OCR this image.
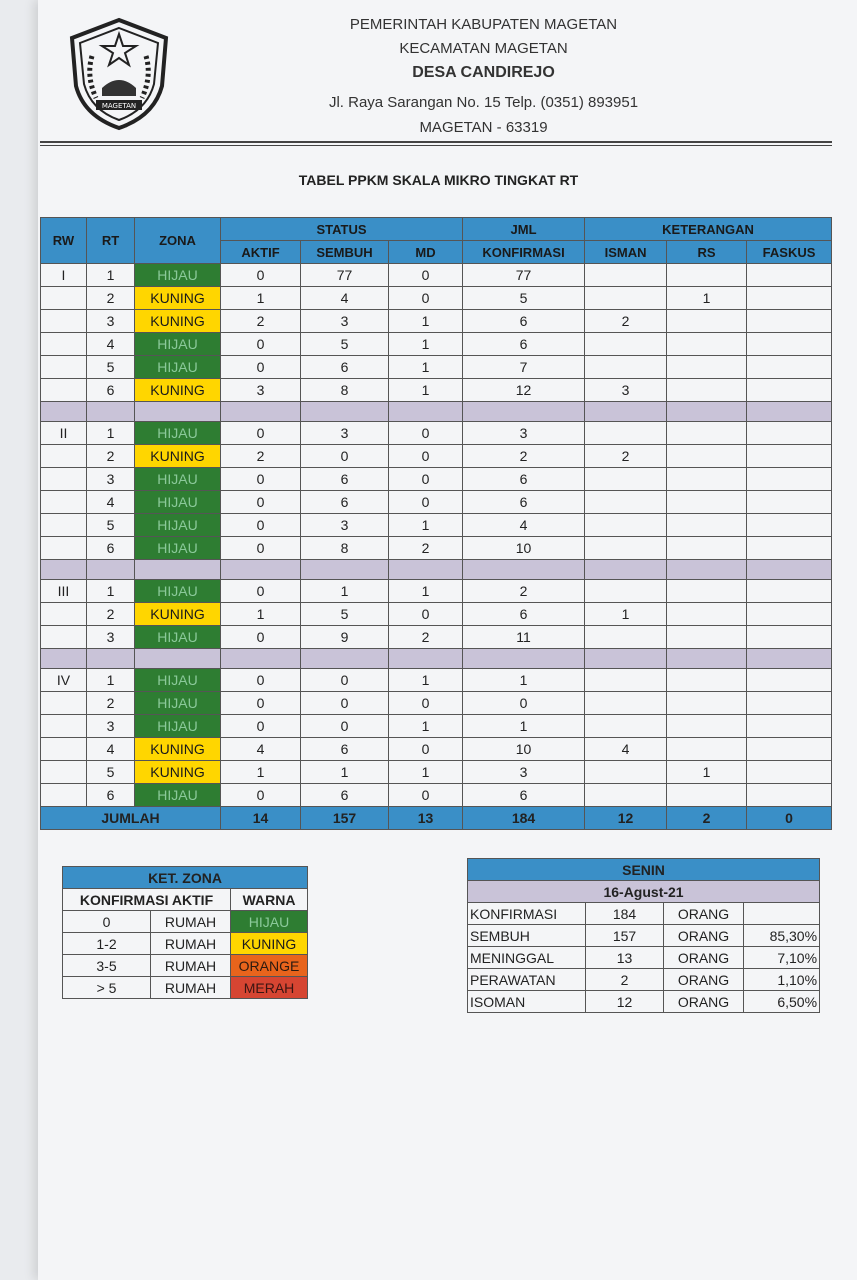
MAGETAN
PEMERINTAH KABUPATEN MAGETAN
KECAMATAN MAGETAN
DESA CANDIREJO
Jl. Raya Sarangan No. 15 Telp. (0351) 893951
MAGETAN - 63319
TABEL PPKM SKALA MIKRO TINGKAT RT
RW	RT	ZONA	STATUS			JML	KETERANGAN		
			AKTIF	SEMBUH	MD	KONFIRMASI	ISMAN	RS	FASKUS
I	1	HIJAU	0	77	0	77			
	2	KUNING	1	4	0	5		1	
	3	KUNING	2	3	1	6	2		
	4	HIJAU	0	5	1	6			
	5	HIJAU	0	6	1	7			
	6	KUNING	3	8	1	12	3		

II	1	HIJAU	0	3	0	3			
	2	KUNING	2	0	0	2	2		
	3	HIJAU	0	6	0	6			
	4	HIJAU	0	6	0	6			
	5	HIJAU	0	3	1	4			
	6	HIJAU	0	8	2	10			

III	1	HIJAU	0	1	1	2			
	2	KUNING	1	5	0	6	1		
	3	HIJAU	0	9	2	11			

IV	1	HIJAU	0	0	1	1			
	2	HIJAU	0	0	0	0			
	3	HIJAU	0	0	1	1			
	4	KUNING	4	6	0	10	4		
	5	KUNING	1	1	1	3		1	
	6	HIJAU	0	6	0	6			
JUMLAH			14	157	13	184	12	2	0
KET. ZONA		
KONFIRMASI AKTIF		WARNA
0	RUMAH	HIJAU
1-2	RUMAH	KUNING
3-5	RUMAH	ORANGE
> 5	RUMAH	MERAH
SENIN			
16-Agust-21			
KONFIRMASI	184	ORANG	
SEMBUH	157	ORANG	85,30%
MENINGGAL	13	ORANG	7,10%
PERAWATAN	2	ORANG	1,10%
ISOMAN	12	ORANG	6,50%
